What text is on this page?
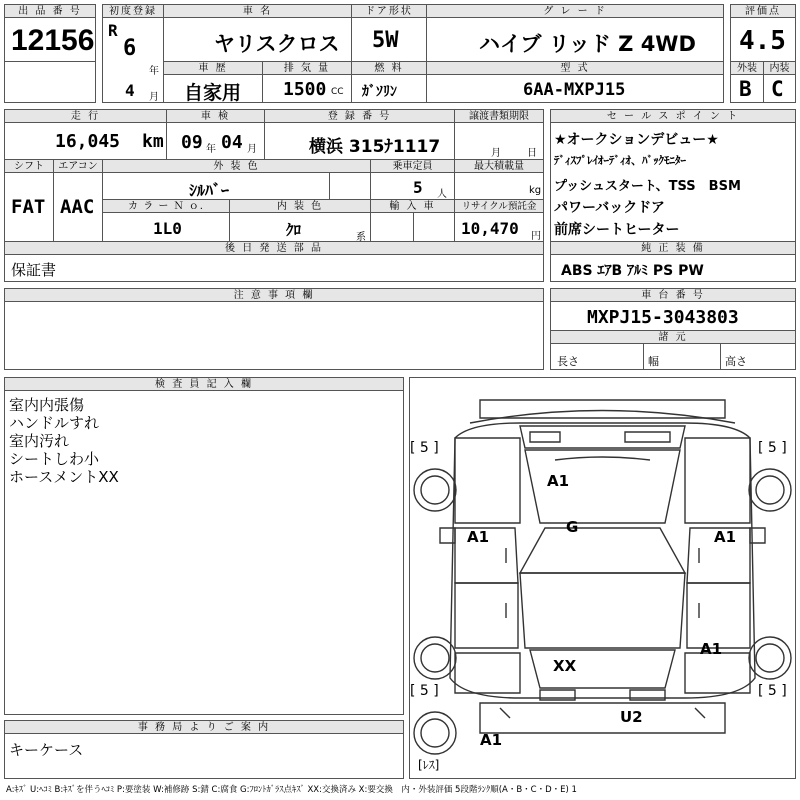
出 品 番 号
12156
初度登録
R
6
年
4 月
車 名
ヤリスクロス
ドア形状
5W
グ レ ー ド
ハイブ リッド Z 4WD
車 歴
自家用
排 気 量
1500 CC
燃 料
ｶﾞｿﾘﾝ
型 式
6AA-MXPJ15
評価点
4.5
外装	内装
B C
走 行
16,045 km
車 検
09 年 04 月
登 録 番 号
横浜 315ﾅ1117
譲渡書類期限
月	日
シフト
FAT
エアコン
AAC
外 装 色
ｼﾙﾊﾞｰ
乗車定員
5 人
最大積載量
kg
カ ラ ー Ｎ ｏ.
1L0
内 装 色
ｸﾛ	系
輸 入 車	リサイクル預託金
10,470 円
後 日 発 送 部 品
保証書
セ ー ル ス ポ イ ン ト
★オークションデビュー★
ﾃﾞｨｽﾌﾟﾚｲｵｰﾃﾞｨｵ、ﾊﾞｯｸﾓﾆﾀｰ
プッシュスタート、TSS　BSM
パワーバックドア
前席シートヒーター
純 正 装 備
ABS ｴｱB ｱﾙﾐ PS PW
注 意 事 項 欄	車 台 番 号
MXPJ15-3043803
諸 元
長さ	幅	高さ
検 査 員 記 入 欄
室内内張傷
ハンドルすれ
室内汚れ
シートしわ小
ホースメントXX
事 務 局 よ り ご 案 内
キーケース
[ 5 ]	[ 5 ]
[ 5 ]	[ 5 ]
[ﾚｽ]
A1
G
A1	A1
A1
XX
U2
A1
A:ｷｽﾞ U:ﾍｺﾐ B:ｷｽﾞを伴うﾍｺﾐ P:要塗装 W:補修跡 S:錆 C:腐食 G:ﾌﾛﾝﾄｶﾞﾗｽ点ｷｽﾞ XX:交換済み X:要交換　内・外装評価 5段階ﾗﾝｸ順(A・B・C・D・E) 1
